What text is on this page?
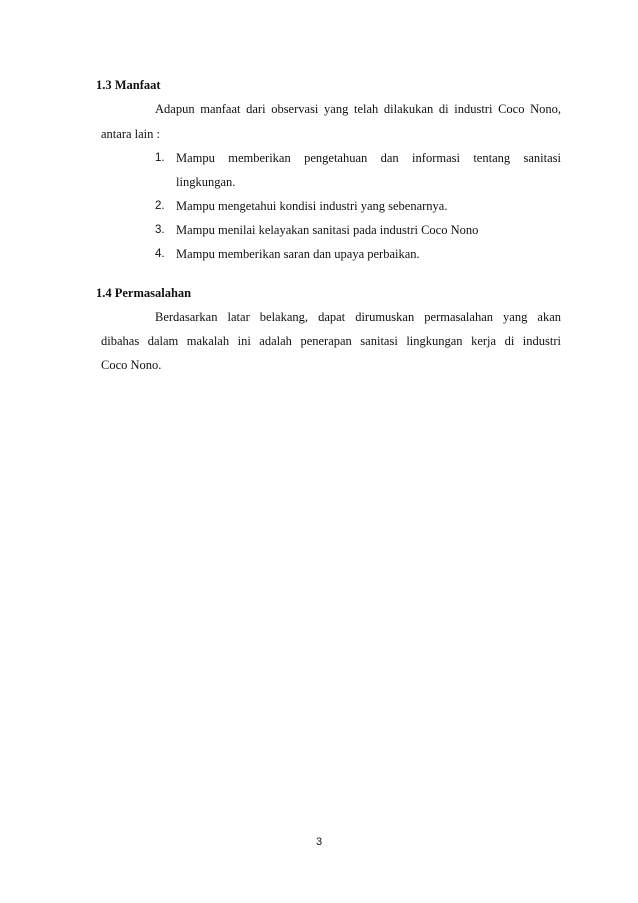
1.3 Manfaat
Adapun manfaat dari observasi yang telah dilakukan di industri Coco Nono,
antara lain :
1. Mampu memberikan pengetahuan dan informasi tentang sanitasi
lingkungan.
2. Mampu mengetahui kondisi industri yang sebenarnya.
3. Mampu menilai kelayakan sanitasi pada industri Coco Nono
4. Mampu memberikan saran dan upaya perbaikan.
1.4 Permasalahan
Berdasarkan latar belakang, dapat dirumuskan permasalahan yang akan
dibahas dalam makalah ini adalah penerapan sanitasi lingkungan kerja di industri
Coco Nono.
3
